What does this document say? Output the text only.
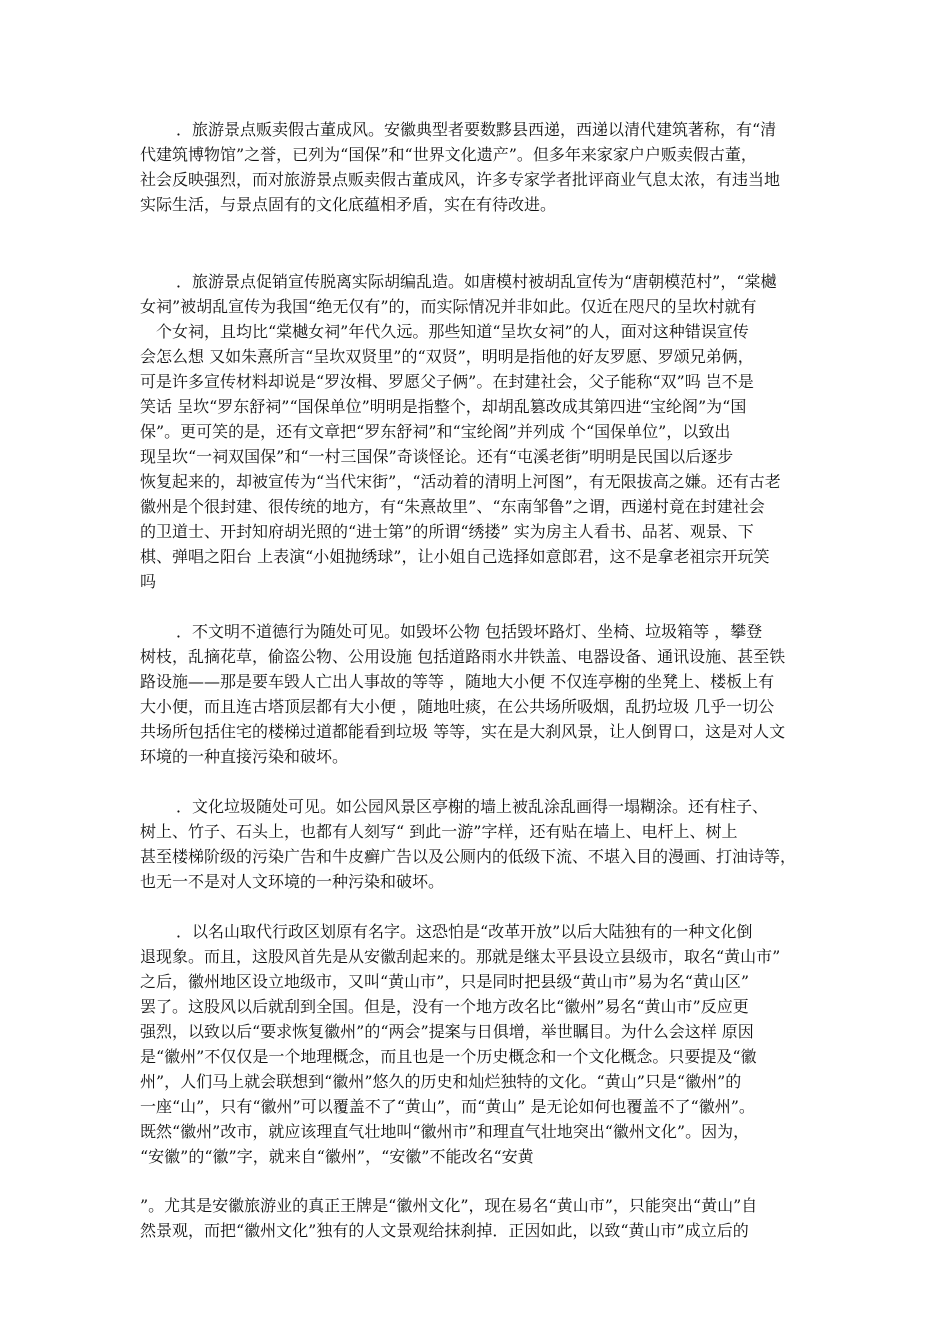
．旅游景点贩卖假古董成风。安徽典型者要数黟县西递，西递以清代建筑著称，有“清
代建筑博物馆”之誉，已列为“国保”和“世界文化遗产”。但多年来家家户户贩卖假古董，
社会反映强烈，而对旅游景点贩卖假古董成风，许多专家学者批评商业气息太浓，有违当地
实际生活，与景点固有的文化底蕴相矛盾，实在有待改进。
．旅游景点促销宣传脱离实际胡编乱造。如唐模村被胡乱宣传为“唐朝模范村”，“棠樾
女祠”被胡乱宣传为我国“绝无仅有”的，而实际情况并非如此。仅近在咫尺的呈坎村就有
个女祠，且均比“棠樾女祠”年代久远。那些知道“呈坎女祠”的人，面对这种错误宣传
会怎么想 又如朱熹所言“呈坎双贤里”的“双贤”，明明是指他的好友罗愿、罗颂兄弟俩，
可是许多宣传材料却说是“罗汝楫、罗愿父子俩”。在封建社会，父子能称“双”吗 岂不是
笑话 呈坎“罗东舒祠”“国保单位”明明是指整个，却胡乱篡改成其第四进“宝纶阁”为“国
保”。更可笑的是，还有文章把“罗东舒祠”和“宝纶阁”并列成 个“国保单位”，以致出
现呈坎“一祠双国保”和“一村三国保”奇谈怪论。还有“屯溪老街”明明是民国以后逐步
恢复起来的，却被宣传为“当代宋街”，“活动着的清明上河图”，有无限拔高之嫌。还有古老
徽州是个很封建、很传统的地方，有“朱熹故里”、“东南邹鲁”之谓，西递村竟在封建社会
的卫道士、开封知府胡光照的“进士第”的所谓“绣搂” 实为房主人看书、品茗、观景、下
棋、弹唱之阳台 上表演“小姐抛绣球”，让小姐自己选择如意郎君，这不是拿老祖宗开玩笑
吗
．不文明不道德行为随处可见。如毁坏公物 包括毁坏路灯、坐椅、垃圾箱等 ，攀登
树枝，乱摘花草，偷盗公物、公用设施 包括道路雨水井铁盖、电器设备、通讯设施、甚至铁
路设施——那是要车毁人亡出人事故的等等 ，随地大小便 不仅连亭榭的坐凳上、楼板上有
大小便，而且连古塔顶层都有大小便 ，随地吐痰，在公共场所吸烟，乱扔垃圾 几乎一切公
共场所包括住宅的楼梯过道都能看到垃圾 等等，实在是大刹风景，让人倒胃口，这是对人文
环境的一种直接污染和破坏。
．文化垃圾随处可见。如公园风景区亭榭的墙上被乱涂乱画得一塌糊涂。还有柱子、
树上、竹子、石头上，也都有人刻写“ 到此一游”字样，还有贴在墙上、电杆上、树上
甚至楼梯阶级的污染广告和牛皮癣广告以及公厕内的低级下流、不堪入目的漫画、打油诗等，
也无一不是对人文环境的一种污染和破坏。
．以名山取代行政区划原有名字。这恐怕是“改革开放”以后大陆独有的一种文化倒
退现象。而且，这股风首先是从安徽刮起来的。那就是继太平县设立县级市，取名“黄山市”
之后，徽州地区设立地级市，又叫“黄山市”，只是同时把县级“黄山市”易为名“黄山区”
罢了。这股风以后就刮到全国。但是，没有一个地方改名比“徽州”易名“黄山市”反应更
强烈，以致以后“要求恢复徽州”的“两会”提案与日俱增，举世瞩目。为什么会这样 原因
是“徽州”不仅仅是一个地理概念，而且也是一个历史概念和一个文化概念。只要提及“徽
州”，人们马上就会联想到“徽州”悠久的历史和灿烂独特的文化。“黄山”只是“徽州”的
一座“山”，只有“徽州”可以覆盖不了“黄山”，而“黄山” 是无论如何也覆盖不了“徽州”。
既然“徽州”改市，就应该理直气壮地叫“徽州市”和理直气壮地突出“徽州文化”。因为，
“安徽”的“徽”字，就来自“徽州”，“安徽”不能改名“安黄
”。尤其是安徽旅游业的真正王牌是“徽州文化”，现在易名“黄山市”，只能突出“黄山”自
然景观，而把“徽州文化”独有的人文景观给抹刹掉．正因如此，以致“黄山市”成立后的
